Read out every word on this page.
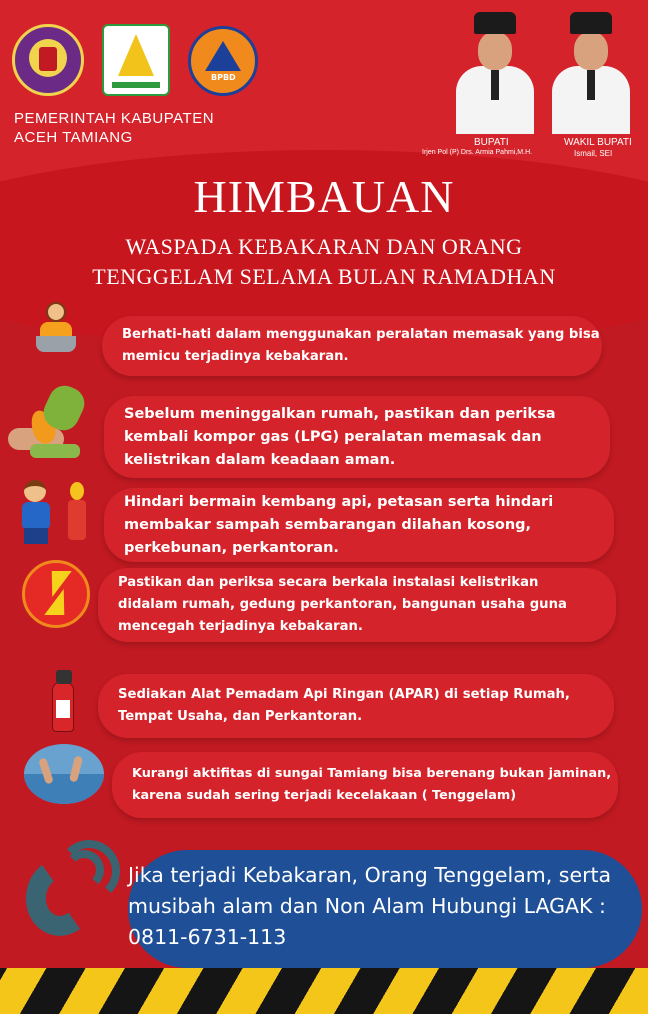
BPBD
PEMERINTAH KABUPATEN
ACEH TAMIANG	BUPATI
Irjen Pol (P) Drs. Armia Pahmi,M.H.
WAKIL BUPATI
Ismail, SEI
HIMBAUAN
WASPADA KEBAKARAN DAN ORANG
TENGGELAM SELAMA BULAN RAMADHAN
Berhati-hati dalam menggunakan peralatan memasak yang bisa
memicu terjadinya kebakaran.
Sebelum meninggalkan rumah, pastikan dan periksa
kembali kompor gas (LPG) peralatan memasak dan
kelistrikan dalam keadaan aman.
Hindari bermain kembang api, petasan serta hindari
membakar sampah sembarangan dilahan kosong,
perkebunan, perkantoran.
Pastikan dan periksa secara berkala instalasi kelistrikan
didalam rumah, gedung perkantoran, bangunan usaha guna
mencegah terjadinya kebakaran.
Sediakan Alat Pemadam Api Ringan (APAR) di setiap Rumah,
Tempat Usaha, dan Perkantoran.
Kurangi aktifitas di sungai Tamiang bisa berenang bukan jaminan,
karena sudah sering terjadi kecelakaan ( Tenggelam)
Jika terjadi Kebakaran, Orang Tenggelam, serta
musibah alam dan Non Alam Hubungi LAGAK :
0811-6731-113
